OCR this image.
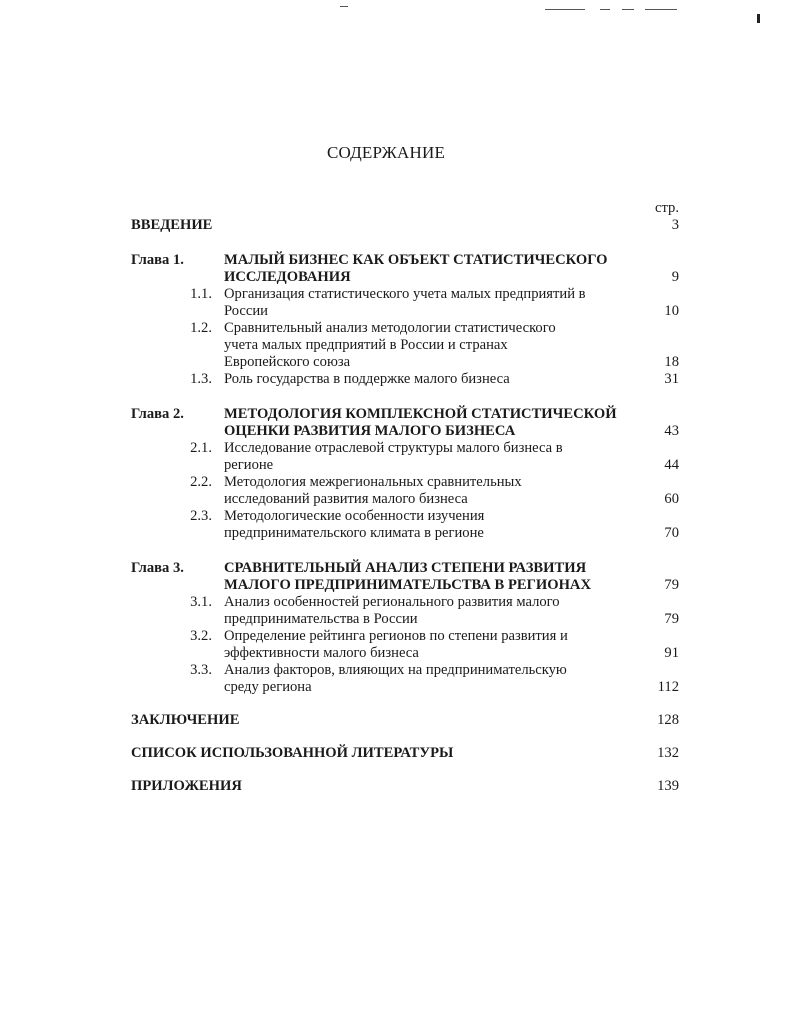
СОДЕРЖАНИЕ
стр.
ВВЕДЕНИЕ	3
Глава 1.	МАЛЫЙ БИЗНЕС КАК ОБЪЕКТ СТАТИСТИЧЕСКОГО
ИССЛЕДОВАНИЯ	9
1.1. Организация статистического учета малых предприятий в
России	10
1.2. Сравнительный анализ методологии статистического
учета малых предприятий в России и странах
Европейского союза	18
1.3. Роль государства в поддержке малого бизнеса	31
Глава 2.	МЕТОДОЛОГИЯ КОМПЛЕКСНОЙ СТАТИСТИЧЕСКОЙ
ОЦЕНКИ РАЗВИТИЯ МАЛОГО БИЗНЕСА	43
2.1. Исследование отраслевой структуры малого бизнеса в
регионе	44
2.2. Методология межрегиональных сравнительных
исследований развития малого бизнеса	60
2.3. Методологические особенности изучения
предпринимательского климата в регионе	70
Глава 3.	СРАВНИТЕЛЬНЫЙ АНАЛИЗ СТЕПЕНИ РАЗВИТИЯ
МАЛОГО ПРЕДПРИНИМАТЕЛЬСТВА В РЕГИОНАХ	79
3.1. Анализ особенностей регионального развития малого
предпринимательства в России	79
3.2. Определение рейтинга регионов по степени развития и
эффективности малого бизнеса	91
3.3. Анализ факторов, влияющих на предпринимательскую
среду региона	112
ЗАКЛЮЧЕНИЕ	128
СПИСОК ИСПОЛЬЗОВАННОЙ ЛИТЕРАТУРЫ	132
ПРИЛОЖЕНИЯ	139
